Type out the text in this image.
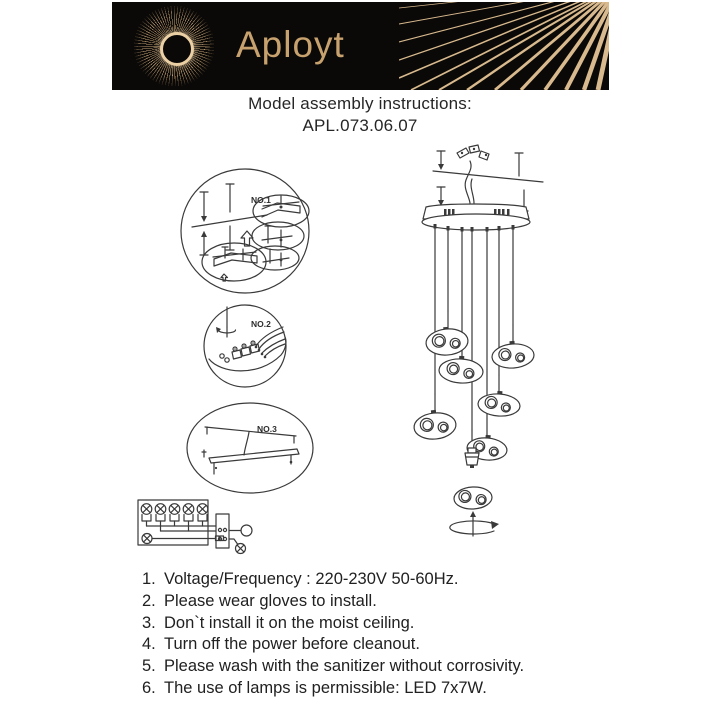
Aployt
Model assembly instructions:
APL.073.06.07
NO.1
NO.2
NO.3
1. Voltage/Frequency : 220-230V 50-60Hz.
2. Please wear gloves to install.
3. Don`t install it on the moist ceiling.
4. Turn off the power before cleanout.
5. Please wash with the sanitizer without corrosivity.
6. The use of lamps is permissible: LED 7x7W.
